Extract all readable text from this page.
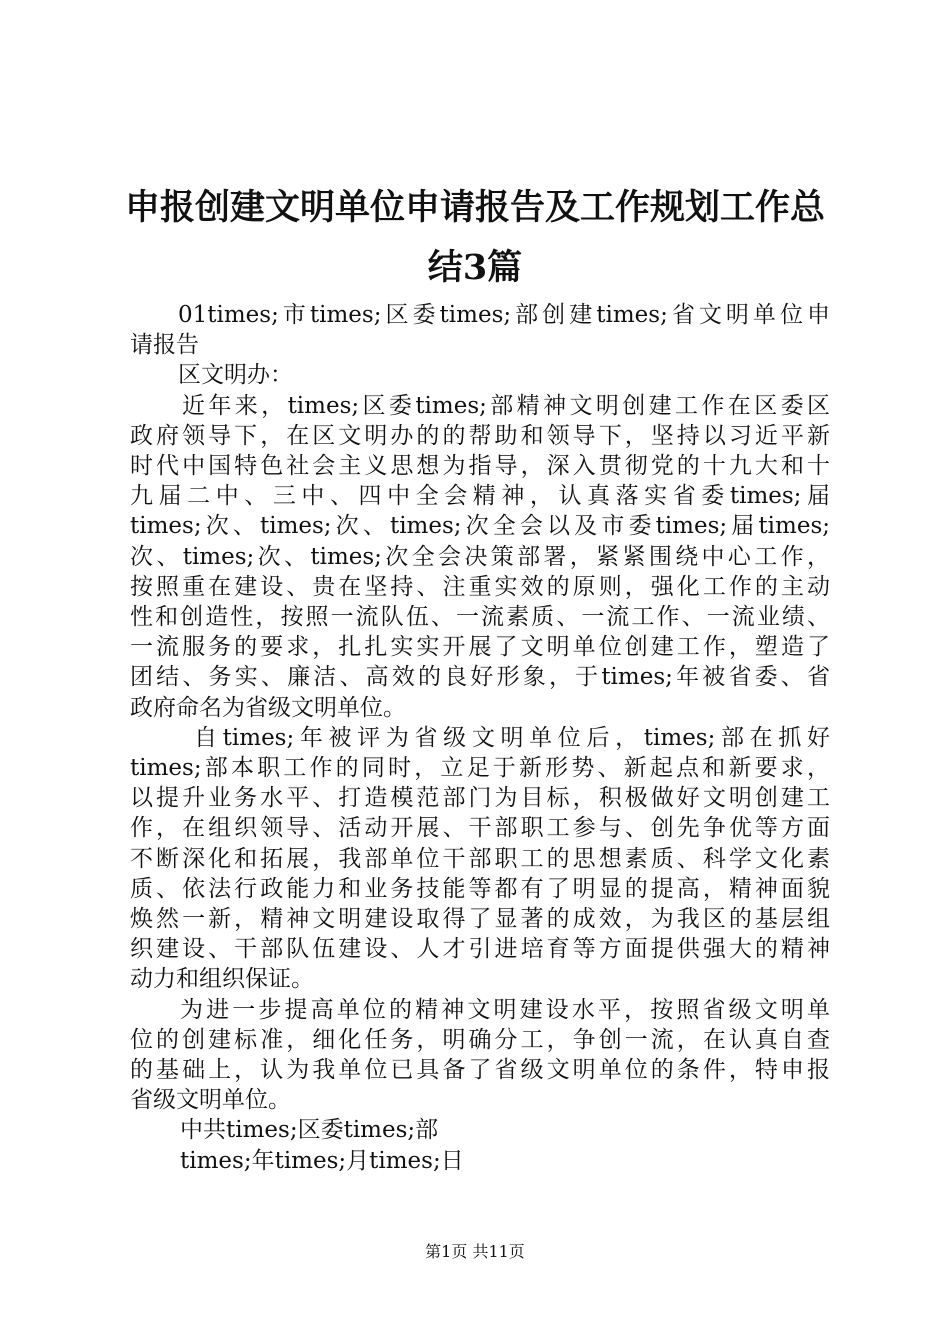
申报创建文明单位申请报告及工作规划工作总
结3篇
01times;市times;区委times;部创建times;省文明单位申
请报告
区文明办：
近年来，times;区委times;部精神文明创建工作在区委区
政府领导下，在区文明办的的帮助和领导下，坚持以习近平新
时代中国特色社会主义思想为指导，深入贯彻党的十九大和十
九届二中、三中、四中全会精神，认真落实省委times;届
times;次、times;次、times;次全会以及市委times;届times;
次、times;次、times;次全会决策部署，紧紧围绕中心工作，
按照重在建设、贵在坚持、注重实效的原则，强化工作的主动
性和创造性，按照一流队伍、一流素质、一流工作、一流业绩、
一流服务的要求，扎扎实实开展了文明单位创建工作，塑造了
团结、务实、廉洁、高效的良好形象，于times;年被省委、省
政府命名为省级文明单位。
自times;年被评为省级文明单位后，times;部在抓好
times;部本职工作的同时，立足于新形势、新起点和新要求，
以提升业务水平、打造模范部门为目标，积极做好文明创建工
作，在组织领导、活动开展、干部职工参与、创先争优等方面
不断深化和拓展，我部单位干部职工的思想素质、科学文化素
质、依法行政能力和业务技能等都有了明显的提高，精神面貌
焕然一新，精神文明建设取得了显著的成效，为我区的基层组
织建设、干部队伍建设、人才引进培育等方面提供强大的精神
动力和组织保证。
为进一步提高单位的精神文明建设水平，按照省级文明单
位的创建标准，细化任务，明确分工，争创一流，在认真自查
的基础上，认为我单位已具备了省级文明单位的条件，特申报
省级文明单位。
中共times;区委times;部
times;年times;月times;日
第1页 共11页
